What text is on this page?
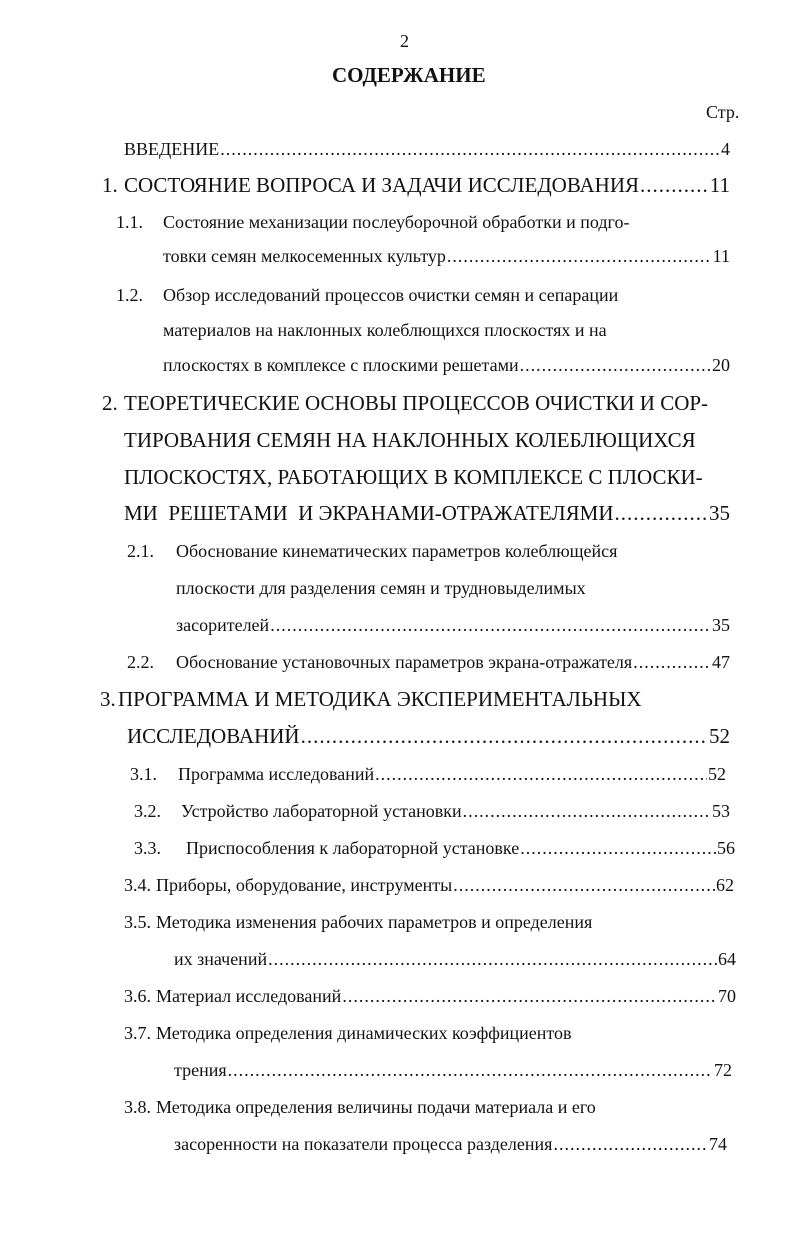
2
СОДЕРЖАНИЕ
Стр.
ВВЕДЕНИЕ .....	4
1. СОСТОЯНИЕ ВОПРОСА И ЗАДАЧИ ИССЛЕДОВАНИЯ .....	11
1.1. Состояние механизации послеуборочной обработки и подго-
товки семян мелкосеменных культур .....	11
1.2. Обзор исследований процессов очистки семян и сепарации
материалов на наклонных колеблющихся плоскостях и на
плоскостях в комплексе с плоскими решетами .....	20
2. ТЕОРЕТИЧЕСКИЕ ОСНОВЫ ПРОЦЕССОВ ОЧИСТКИ И СОР-
ТИРОВАНИЯ СЕМЯН НА НАКЛОННЫХ КОЛЕБЛЮЩИХСЯ
ПЛОСКОСТЯХ, РАБОТАЮЩИХ В КОМПЛЕКСЕ С ПЛОСКИ-
МИ  РЕШЕТАМИ  И ЭКРАНАМИ-ОТРАЖАТЕЛЯМИ .....	35
2.1. Обоснование кинематических параметров колеблющейся
плоскости для разделения семян и трудновыделимых
засорителей .....	35
2.2. Обоснование установочных параметров экрана-отражателя .....	47
3. ПРОГРАММА И МЕТОДИКА ЭКСПЕРИМЕНТАЛЬНЫХ
ИССЛЕДОВАНИЙ .....	52
3.1. Программа исследований .....	52
3.2. Устройство лабораторной установки .....	53
3.3. Приспособления к лабораторной установке .....	56
3.4. Приборы, оборудование, инструменты .....	62
3.5. Методика изменения рабочих параметров и определения
их значений .....	64
3.6. Материал исследований .....	70
3.7. Методика определения динамических коэффициентов
трения .....	72
3.8. Методика определения величины подачи материала и его
засоренности на показатели процесса разделения .....	74
